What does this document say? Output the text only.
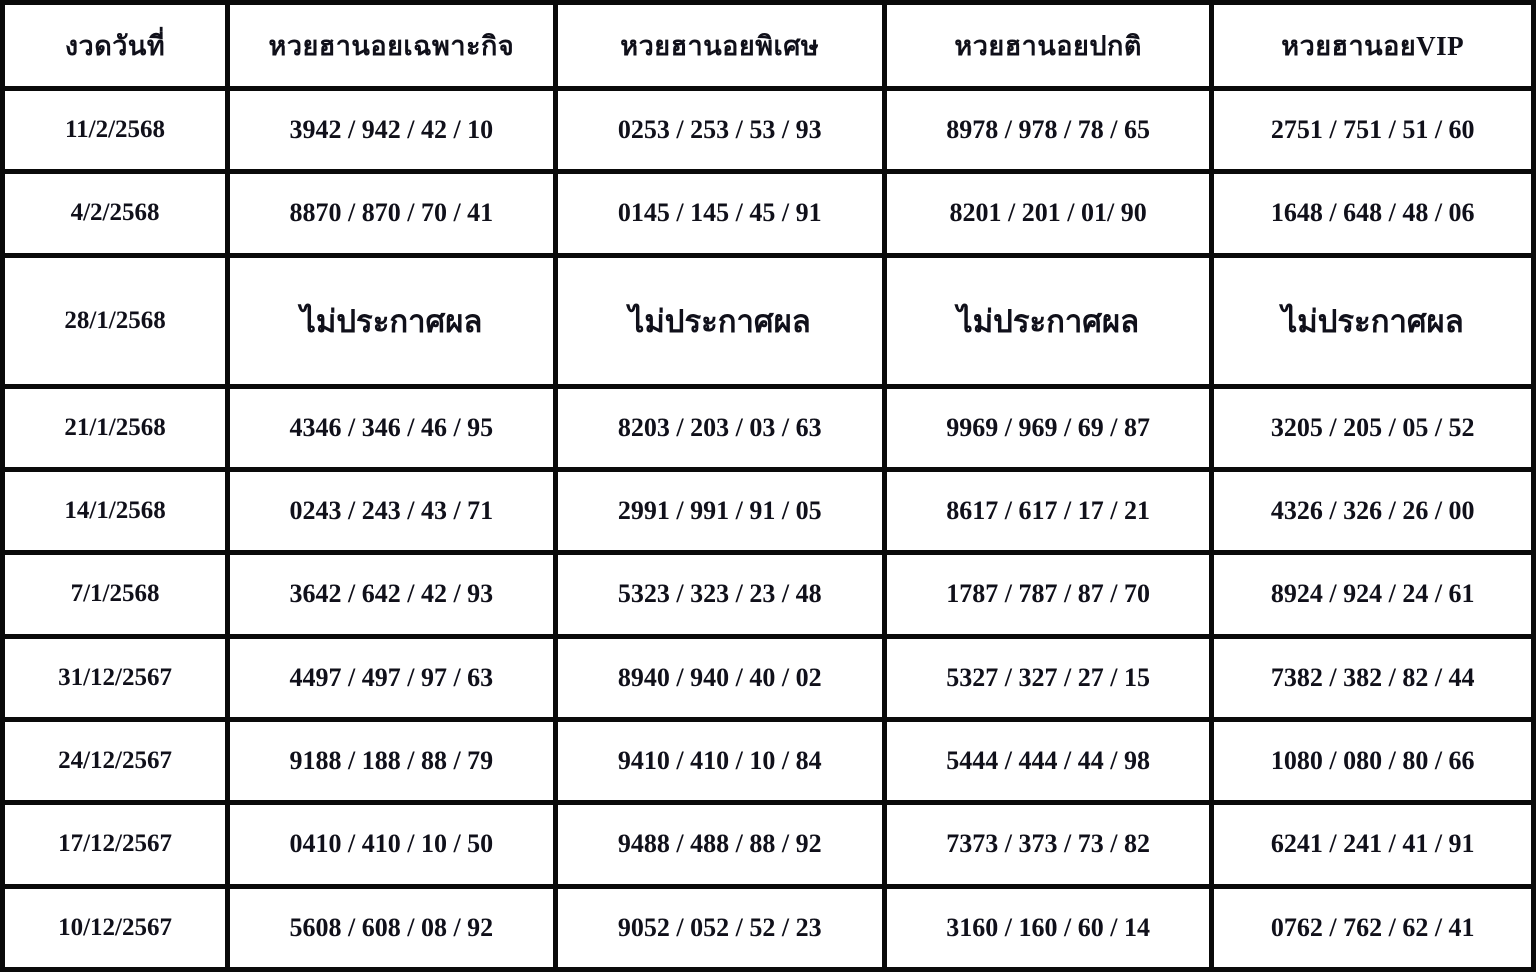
งวดวันที่	หวยฮานอยเฉพาะกิจ	หวยฮานอยพิเศษ	หวยฮานอยปกติ	หวยฮานอยVIP
11/2/2568	3942 / 942 / 42 / 10	0253 / 253 / 53 / 93	8978 / 978 / 78 / 65	2751 / 751 / 51 / 60
4/2/2568	8870 / 870 / 70 / 41	0145 / 145 / 45 / 91	8201 / 201 / 01/ 90	1648 / 648 / 48 / 06
28/1/2568	ไม่ประกาศผล	ไม่ประกาศผล	ไม่ประกาศผล	ไม่ประกาศผล
21/1/2568	4346 / 346 / 46 / 95	8203 / 203 / 03 / 63	9969 / 969 / 69 / 87	3205 / 205 / 05 / 52
14/1/2568	0243 / 243 / 43 / 71	2991 / 991 / 91 / 05	8617 / 617 / 17 / 21	4326 / 326 / 26 / 00
7/1/2568	3642 / 642 / 42 / 93	5323 / 323 / 23 / 48	1787 / 787 / 87 / 70	8924 / 924 / 24 / 61
31/12/2567	4497 / 497 / 97 / 63	8940 / 940 / 40 / 02	5327 / 327 / 27 / 15	7382 / 382 / 82 / 44
24/12/2567	9188 / 188 / 88 / 79	9410 / 410 / 10 / 84	5444 / 444 / 44 / 98	1080 / 080 / 80 / 66
17/12/2567	0410 / 410 / 10 / 50	9488 / 488 / 88 / 92	7373 / 373 / 73 / 82	6241 / 241 / 41 / 91
10/12/2567	5608 / 608 / 08 / 92	9052 / 052 / 52 / 23	3160 / 160 / 60 / 14	0762 / 762 / 62 / 41
